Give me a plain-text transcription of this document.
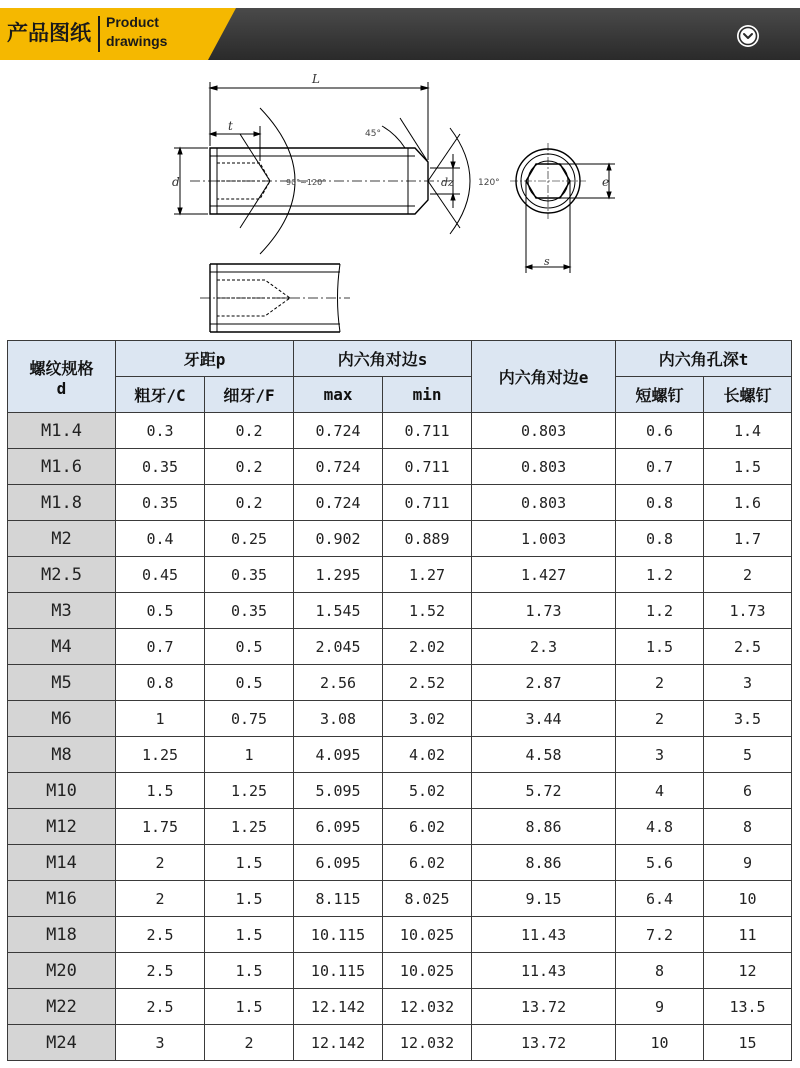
产品图纸 Product
drawings
L
t
d	dz	e
s
45°
120°
90°~120°
螺纹规格
d	牙距p		内六角对边s		内六角对边e	内六角孔深t	
	粗牙/C	细牙/F	max	min		短螺钉	长螺钉
M1.4	0.3	0.2	0.724	0.711	0.803	0.6	1.4
M1.6	0.35	0.2	0.724	0.711	0.803	0.7	1.5
M1.8	0.35	0.2	0.724	0.711	0.803	0.8	1.6
M2	0.4	0.25	0.902	0.889	1.003	0.8	1.7
M2.5	0.45	0.35	1.295	1.27	1.427	1.2	2
M3	0.5	0.35	1.545	1.52	1.73	1.2	1.73
M4	0.7	0.5	2.045	2.02	2.3	1.5	2.5
M5	0.8	0.5	2.56	2.52	2.87	2	3
M6	1	0.75	3.08	3.02	3.44	2	3.5
M8	1.25	1	4.095	4.02	4.58	3	5
M10	1.5	1.25	5.095	5.02	5.72	4	6
M12	1.75	1.25	6.095	6.02	8.86	4.8	8
M14	2	1.5	6.095	6.02	8.86	5.6	9
M16	2	1.5	8.115	8.025	9.15	6.4	10
M18	2.5	1.5	10.115	10.025	11.43	7.2	11
M20	2.5	1.5	10.115	10.025	11.43	8	12
M22	2.5	1.5	12.142	12.032	13.72	9	13.5
M24	3	2	12.142	12.032	13.72	10	15
